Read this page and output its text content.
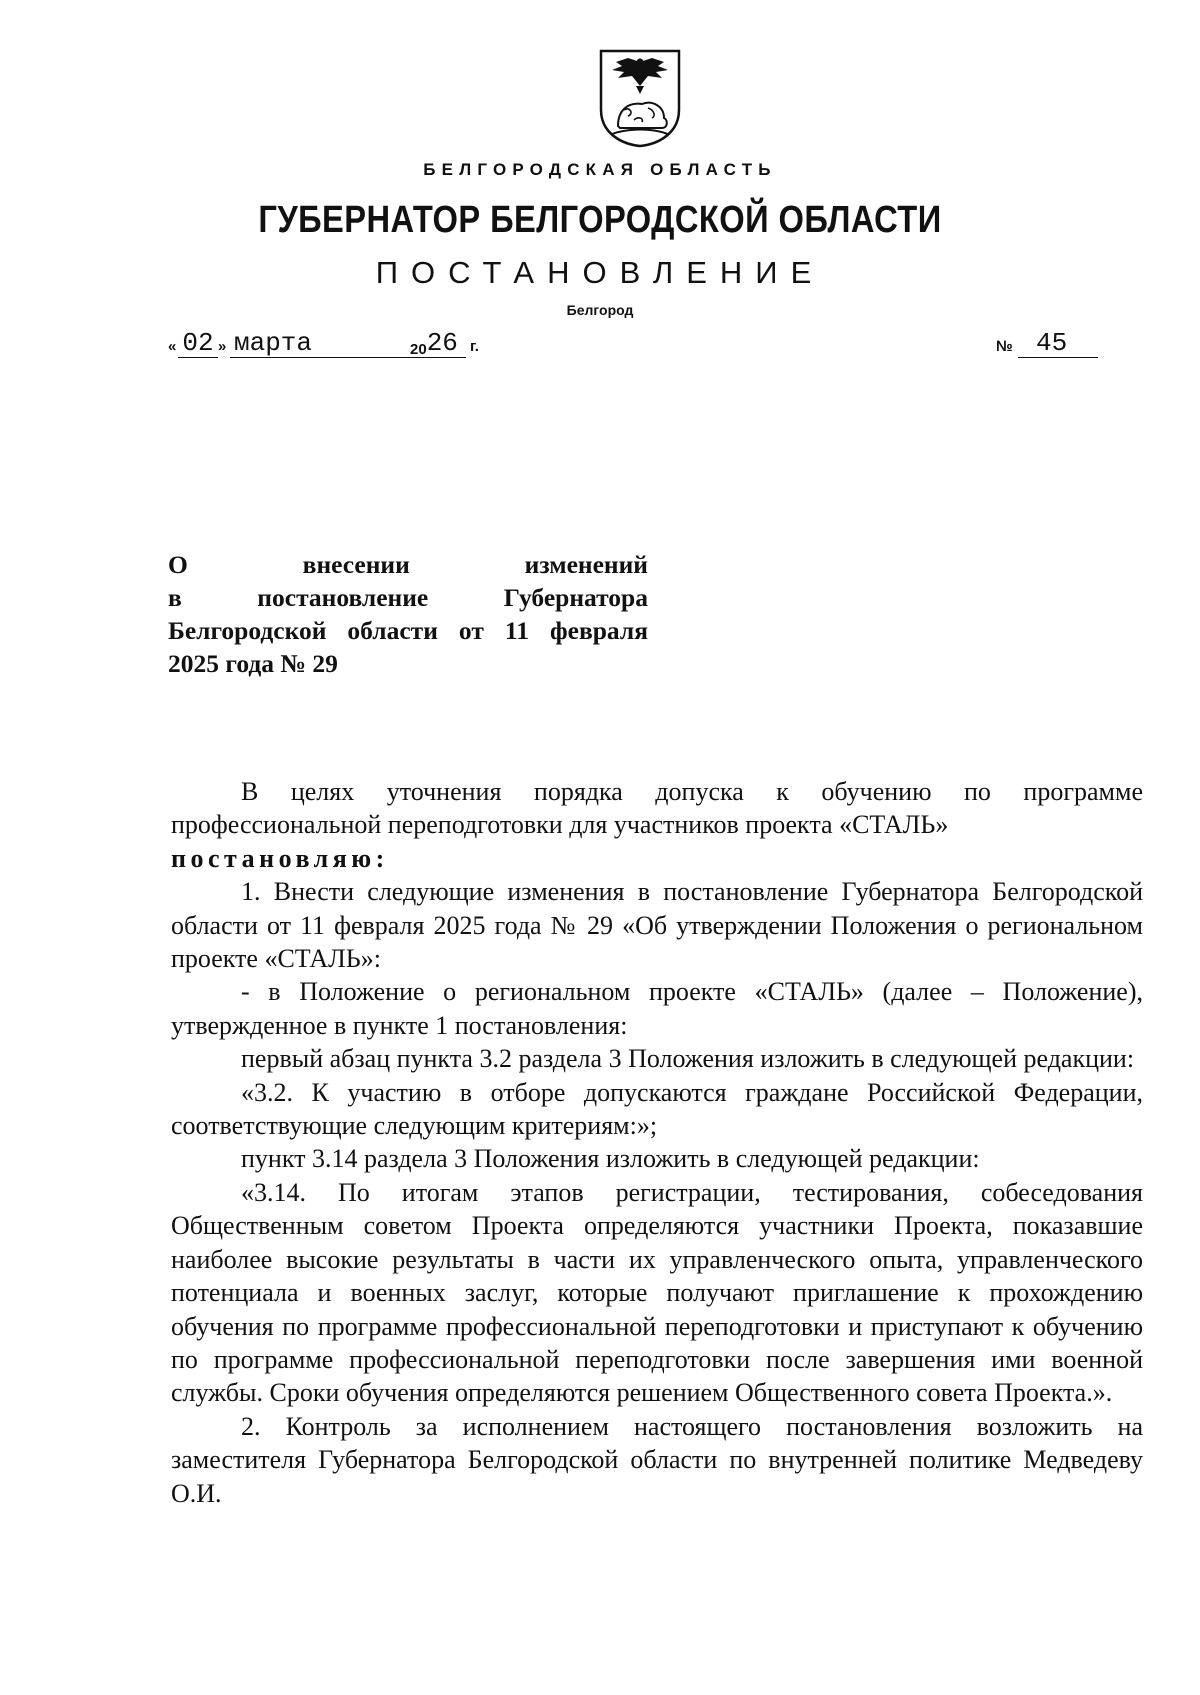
БЕЛГОРОДСКАЯ ОБЛАСТЬ
ГУБЕРНАТОР БЕЛГОРОДСКОЙ ОБЛАСТИ
ПОСТАНОВЛЕНИЕ
Белгород
« 02 » марта	2026 г.	№ 45
О внесении изменений
в постановление Губернатора
Белгородской области от 11 февраля
2025 года № 29

В целях уточнения порядка допуска к обучению по программе профессиональной переподготовки для участников проекта «СТАЛЬ»

постановляю:

1. Внести следующие изменения в постановление Губернатора Белгородской области от 11 февраля 2025 года № 29 «Об утверждении Положения о региональном проекте «СТАЛЬ»:

- в Положение о региональном проекте «СТАЛЬ» (далее – Положение), утвержденное в пункте 1 постановления:

первый абзац пункта 3.2 раздела 3 Положения изложить в следующей редакции:

«3.2. К участию в отборе допускаются граждане Российской Федерации, соответствующие следующим критериям:»;

пункт 3.14 раздела 3 Положения изложить в следующей редакции:

«3.14. По итогам этапов регистрации, тестирования, собеседования Общественным советом Проекта определяются участники Проекта, показавшие наиболее высокие результаты в части их управленческого опыта, управленческого потенциала и военных заслуг, которые получают приглашение к прохождению обучения по программе профессиональной переподготовки и приступают к обучению по программе профессиональной переподготовки после завершения ими военной службы. Сроки обучения определяются решением Общественного совета Проекта.».

2. Контроль за исполнением настоящего постановления возложить на заместителя Губернатора Белгородской области по внутренней политике Медведеву О.И.
